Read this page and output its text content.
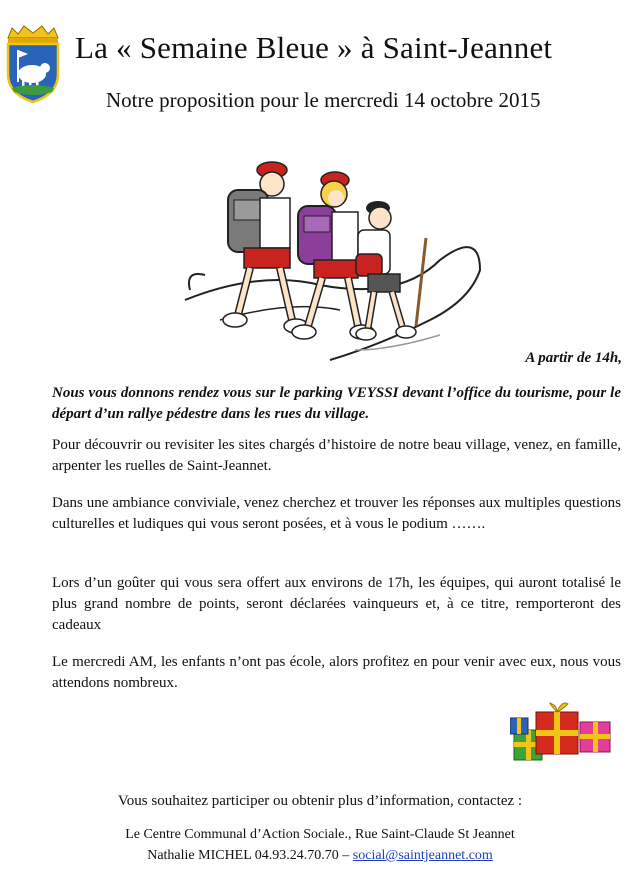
La « Semaine Bleue » à Saint-Jeannet
Notre proposition pour le mercredi 14 octobre 2015
A partir de 14h,
Nous vous donnons rendez vous sur le parking VEYSSI devant l’office du tourisme, pour le départ d’un rallye pédestre dans les rues du village.
Pour découvrir ou revisiter les sites chargés d’histoire de notre beau village, venez, en famille, arpenter les ruelles de Saint-Jeannet.
Dans une ambiance conviviale, venez cherchez et trouver les réponses aux multiples questions culturelles et ludiques qui vous seront posées, et à vous le podium …….
Lors d’un goûter qui vous sera offert aux environs de 17h, les équipes, qui auront totalisé le plus grand nombre de points, seront déclarées vainqueurs et, à ce titre, remporteront des cadeaux
Le mercredi AM, les enfants n’ont pas école, alors profitez en pour venir avec eux, nous vous attendons nombreux.
Vous souhaitez participer ou obtenir plus d’information, contactez :
Le Centre Communal d’Action Sociale., Rue Saint-Claude St Jeannet
Nathalie MICHEL 04.93.24.70.70 – social@saintjeannet.com
